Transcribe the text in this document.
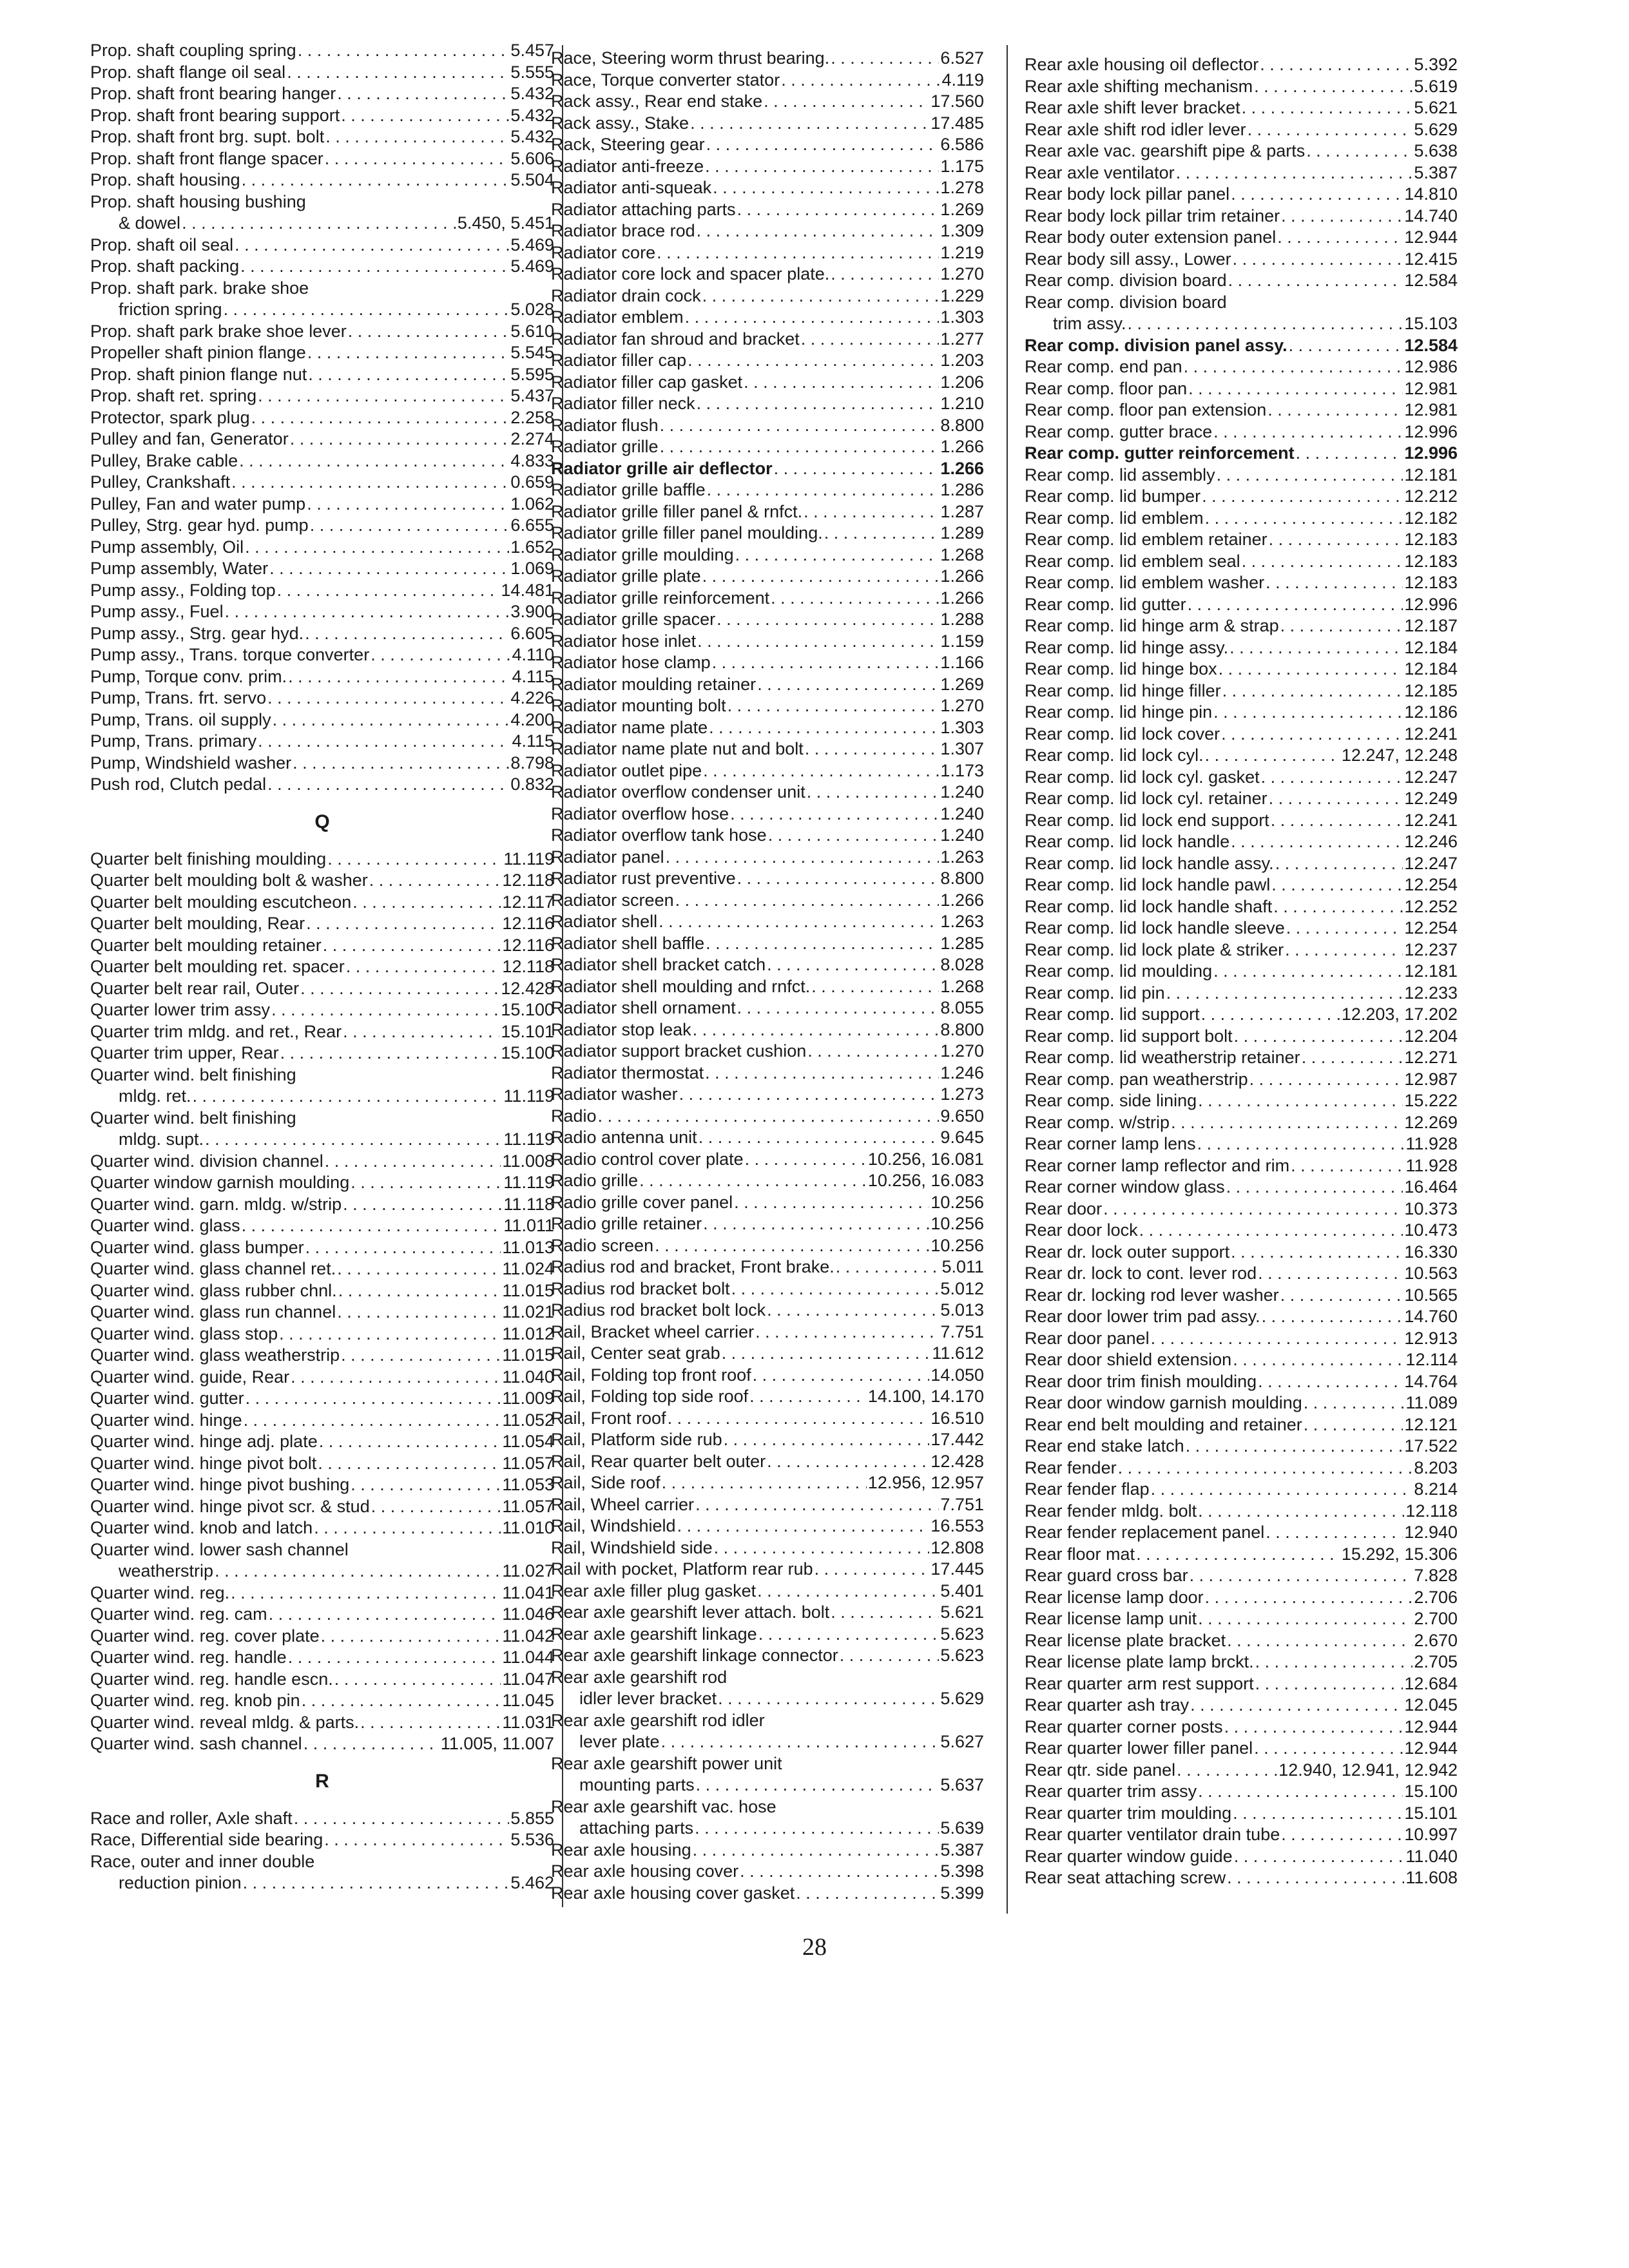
Prop. shaft coupling spring . . .	5.457
Prop. shaft flange oil seal . . .	5.555
Prop. shaft front bearing hanger . . .	5.432
Prop. shaft front bearing support . . .	5.432
Prop. shaft front brg. supt. bolt . . .	5.432
Prop. shaft front flange spacer . . .	5.606
Prop. shaft housing . . .	5.504
Prop. shaft housing bushing
& dowel . . .	5.450, 5.451
Prop. shaft oil seal . . .	5.469
Prop. shaft packing . . .	5.469
Prop. shaft park. brake shoe
friction spring . . .	5.028
Prop. shaft park brake shoe lever . . .	5.610
Propeller shaft pinion flange . . .	5.545
Prop. shaft pinion flange nut . . .	5.595
Prop. shaft ret. spring . . .	5.437
Protector, spark plug . . .	2.258
Pulley and fan, Generator . . .	2.274
Pulley, Brake cable . . .	4.833
Pulley, Crankshaft . . .	0.659
Pulley, Fan and water pump . . .	1.062
Pulley, Strg. gear hyd. pump . . .	6.655
Pump assembly, Oil . . .	1.652
Pump assembly, Water . . .	1.069
Pump assy., Folding top . . .	14.481
Pump assy., Fuel . . .	3.900
Pump assy., Strg. gear hyd. . . .	6.605
Pump assy., Trans. torque converter . . .	4.110
Pump, Torque conv. prim. . . .	4.115
Pump, Trans. frt. servo . . .	4.226
Pump, Trans. oil supply . . .	4.200
Pump, Trans. primary . . .	4.115
Pump, Windshield washer . . .	8.798
Push rod, Clutch pedal . . .	0.832
Q
Quarter belt finishing moulding . . .	11.119
Quarter belt moulding bolt & washer . . .	12.118
Quarter belt moulding escutcheon . . .	12.117
Quarter belt moulding, Rear . . .	12.116
Quarter belt moulding retainer . . .	12.116
Quarter belt moulding ret. spacer . . .	12.118
Quarter belt rear rail, Outer . . .	12.428
Quarter lower trim assy . . .	15.100
Quarter trim mldg. and ret., Rear . . .	15.101
Quarter trim upper, Rear . . .	15.100
Quarter wind. belt finishing
mldg. ret. . . .	11.119
Quarter wind. belt finishing
mldg. supt. . . .	11.119
Quarter wind. division channel . . .	11.008
Quarter window garnish moulding . . .	11.119
Quarter wind. garn. mldg. w/strip . . .	11.118
Quarter wind. glass . . .	11.011
Quarter wind. glass bumper . . .	11.013
Quarter wind. glass channel ret. . . .	11.024
Quarter wind. glass rubber chnl. . . .	11.015
Quarter wind. glass run channel . . .	11.021
Quarter wind. glass stop . . .	11.012
Quarter wind. glass weatherstrip . . .	11.015
Quarter wind. guide, Rear . . .	11.040
Quarter wind. gutter . . .	11.009
Quarter wind. hinge . . .	11.052
Quarter wind. hinge adj. plate . . .	11.054
Quarter wind. hinge pivot bolt . . .	11.057
Quarter wind. hinge pivot bushing . . .	11.053
Quarter wind. hinge pivot scr. & stud . . .	11.057
Quarter wind. knob and latch . . .	11.010
Quarter wind. lower sash channel
weatherstrip . . .	11.027
Quarter wind. reg. . . .	11.041
Quarter wind. reg. cam . . .	11.046
Quarter wind. reg. cover plate . . .	11.042
Quarter wind. reg. handle . . .	11.044
Quarter wind. reg. handle escn. . . .	11.047
Quarter wind. reg. knob pin . . .	11.045
Quarter wind. reveal mldg. & parts. . . .	11.031
Quarter wind. sash channel . . .	11.005, 11.007
R
Race and roller, Axle shaft . . .	5.855
Race, Differential side bearing . . .	5.536
Race, outer and inner double
reduction pinion . . .	5.462
Race, Steering worm thrust bearing. . . .	6.527
Race, Torque converter stator . . .	4.119
Rack assy., Rear end stake . . .	17.560
Rack assy., Stake . . .	17.485
Rack, Steering gear . . .	6.586
Radiator anti-freeze . . .	1.175
Radiator anti-squeak . . .	1.278
Radiator attaching parts . . .	1.269
Radiator brace rod . . .	1.309
Radiator core . . .	1.219
Radiator core lock and spacer plate. . . .	1.270
Radiator drain cock . . .	1.229
Radiator emblem . . .	1.303
Radiator fan shroud and bracket . . .	1.277
Radiator filler cap . . .	1.203
Radiator filler cap gasket . . .	1.206
Radiator filler neck . . .	1.210
Radiator flush . . .	8.800
Radiator grille . . .	1.266
Radiator grille air deflector . . .	1.266
Radiator grille baffle . . .	1.286
Radiator grille filler panel & rnfct. . . .	1.287
Radiator grille filler panel moulding. . . .	1.289
Radiator grille moulding . . .	1.268
Radiator grille plate . . .	1.266
Radiator grille reinforcement . . .	1.266
Radiator grille spacer . . .	1.288
Radiator hose inlet . . .	1.159
Radiator hose clamp . . .	1.166
Radiator moulding retainer . . .	1.269
Radiator mounting bolt . . .	1.270
Radiator name plate . . .	1.303
Radiator name plate nut and bolt . . .	1.307
Radiator outlet pipe . . .	1.173
Radiator overflow condenser unit . . .	1.240
Radiator overflow hose . . .	1.240
Radiator overflow tank hose . . .	1.240
Radiator panel . . .	1.263
Radiator rust preventive . . .	8.800
Radiator screen . . .	1.266
Radiator shell . . .	1.263
Radiator shell baffle . . .	1.285
Radiator shell bracket catch . . .	8.028
Radiator shell moulding and rnfct. . . .	1.268
Radiator shell ornament . . .	8.055
Radiator stop leak . . .	8.800
Radiator support bracket cushion . . .	1.270
Radiator thermostat . . .	1.246
Radiator washer . . .	1.273
Radio . . .	9.650
Radio antenna unit . . .	9.645
Radio control cover plate . . .	10.256, 16.081
Radio grille . . .	10.256, 16.083
Radio grille cover panel . . .	10.256
Radio grille retainer . . .	10.256
Radio screen . . .	10.256
Radius rod and bracket, Front brake. . . .	5.011
Radius rod bracket bolt . . .	5.012
Radius rod bracket bolt lock . . .	5.013
Rail, Bracket wheel carrier . . .	7.751
Rail, Center seat grab . . .	11.612
Rail, Folding top front roof . . .	14.050
Rail, Folding top side roof . . .	14.100, 14.170
Rail, Front roof . . .	16.510
Rail, Platform side rub . . .	17.442
Rail, Rear quarter belt outer . . .	12.428
Rail, Side roof . . .	12.956, 12.957
Rail, Wheel carrier . . .	7.751
Rail, Windshield . . .	16.553
Rail, Windshield side . . .	12.808
Rail with pocket, Platform rear rub . . .	17.445
Rear axle filler plug gasket . . .	5.401
Rear axle gearshift lever attach. bolt . . .	5.621
Rear axle gearshift linkage . . .	5.623
Rear axle gearshift linkage connector . . .	5.623
Rear axle gearshift rod
idler lever bracket . . .	5.629
Rear axle gearshift rod idler
lever plate . . .	5.627
Rear axle gearshift power unit
mounting parts . . .	5.637
Rear axle gearshift vac. hose
attaching parts . . .	5.639
Rear axle housing . . .	5.387
Rear axle housing cover . . .	5.398
Rear axle housing cover gasket . . .	5.399
Rear axle housing oil deflector . . .	5.392
Rear axle shifting mechanism . . .	5.619
Rear axle shift lever bracket . . .	5.621
Rear axle shift rod idler lever . . .	5.629
Rear axle vac. gearshift pipe & parts . . .	5.638
Rear axle ventilator . . .	5.387
Rear body lock pillar panel . . .	14.810
Rear body lock pillar trim retainer . . .	14.740
Rear body outer extension panel . . .	12.944
Rear body sill assy., Lower . . .	12.415
Rear comp. division board . . .	12.584
Rear comp. division board
trim assy. . . .	15.103
Rear comp. division panel assy. . . .	12.584
Rear comp. end pan . . .	12.986
Rear comp. floor pan . . .	12.981
Rear comp. floor pan extension . . .	12.981
Rear comp. gutter brace . . .	12.996
Rear comp. gutter reinforcement . . .	12.996
Rear comp. lid assembly . . .	12.181
Rear comp. lid bumper . . .	12.212
Rear comp. lid emblem . . .	12.182
Rear comp. lid emblem retainer . . .	12.183
Rear comp. lid emblem seal . . .	12.183
Rear comp. lid emblem washer . . .	12.183
Rear comp. lid gutter . . .	12.996
Rear comp. lid hinge arm & strap . . .	12.187
Rear comp. lid hinge assy. . . .	12.184
Rear comp. lid hinge box . . .	12.184
Rear comp. lid hinge filler . . .	12.185
Rear comp. lid hinge pin . . .	12.186
Rear comp. lid lock cover . . .	12.241
Rear comp. lid lock cyl. . . .	12.247, 12.248
Rear comp. lid lock cyl. gasket . . .	12.247
Rear comp. lid lock cyl. retainer . . .	12.249
Rear comp. lid lock end support . . .	12.241
Rear comp. lid lock handle . . .	12.246
Rear comp. lid lock handle assy. . . .	12.247
Rear comp. lid lock handle pawl . . .	12.254
Rear comp. lid lock handle shaft . . .	12.252
Rear comp. lid lock handle sleeve . . .	12.254
Rear comp. lid lock plate & striker . . .	12.237
Rear comp. lid moulding . . .	12.181
Rear comp. lid pin . . .	12.233
Rear comp. lid support . . .	12.203, 17.202
Rear comp. lid support bolt . . .	12.204
Rear comp. lid weatherstrip retainer . . .	12.271
Rear comp. pan weatherstrip . . .	12.987
Rear comp. side lining . . .	15.222
Rear comp. w/strip . . .	12.269
Rear corner lamp lens . . .	11.928
Rear corner lamp reflector and rim . . .	11.928
Rear corner window glass . . .	16.464
Rear door . . .	10.373
Rear door lock . . .	10.473
Rear dr. lock outer support . . .	16.330
Rear dr. lock to cont. lever rod . . .	10.563
Rear dr. locking rod lever washer . . .	10.565
Rear door lower trim pad assy. . . .	14.760
Rear door panel . . .	12.913
Rear door shield extension . . .	12.114
Rear door trim finish moulding . . .	14.764
Rear door window garnish moulding . . .	11.089
Rear end belt moulding and retainer . . .	12.121
Rear end stake latch . . .	17.522
Rear fender . . .	8.203
Rear fender flap . . .	8.214
Rear fender mldg. bolt . . .	12.118
Rear fender replacement panel . . .	12.940
Rear floor mat . . .	15.292, 15.306
Rear guard cross bar . . .	7.828
Rear license lamp door . . .	2.706
Rear license lamp unit . . .	2.700
Rear license plate bracket . . .	2.670
Rear license plate lamp brckt. . . .	2.705
Rear quarter arm rest support . . .	12.684
Rear quarter ash tray . . .	12.045
Rear quarter corner posts . . .	12.944
Rear quarter lower filler panel . . .	12.944
Rear qtr. side panel . . .	12.940, 12.941, 12.942
Rear quarter trim assy . . .	15.100
Rear quarter trim moulding . . .	15.101
Rear quarter ventilator drain tube . . .	10.997
Rear quarter window guide . . .	11.040
Rear seat attaching screw . . .	11.608
28
